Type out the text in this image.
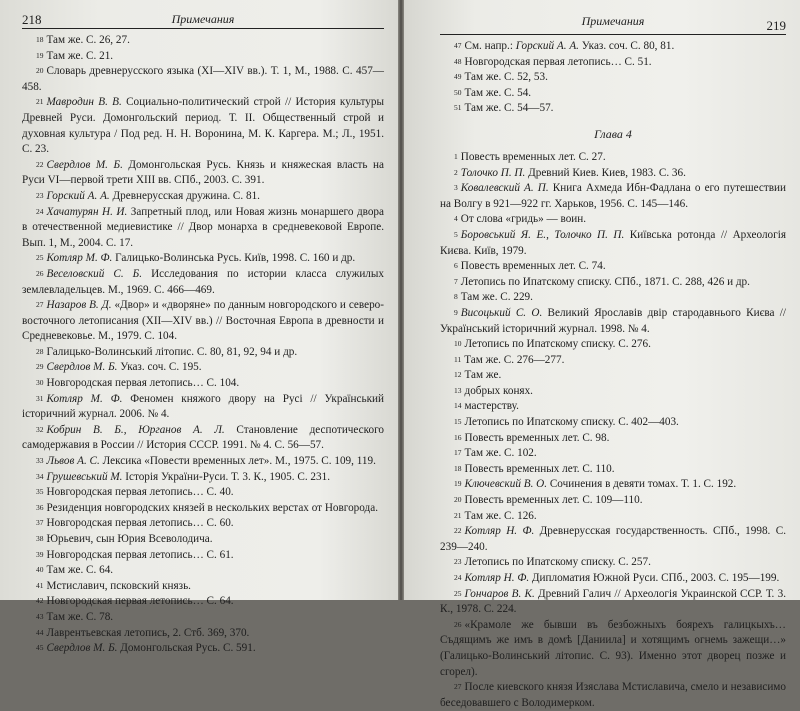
218	Примечания

$^{18}$ Там же. С. 26, 27.

$^{19}$ Там же. С. 21.

$^{20}$ Словарь древнерусского языка (XI—XIV вв.). Т. 1, М., 1988. С. 457—458.

$^{21}$ Мавродин В. В. Социально-политический строй // История культуры Древней Руси. Домонгольский период. Т. II. Общественный строй и духовная культура / Под ред. Н. Н. Воронина, М. К. Каргера. М.; Л., 1951. С. 23.

$^{22}$ Свердлов М. Б. Домонгольская Русь. Князь и княжеская власть на Руси VI—первой трети XIII вв. СПб., 2003. С. 391.

$^{23}$ Горский А. А. Древнерусская дружина. С. 81.

$^{24}$ Хачатурян Н. И. Запретный плод, или Новая жизнь монаршего двора в отечественной медиевистике // Двор монарха в средневековой Европе. Вып. 1, М., 2004. С. 17.

$^{25}$ Котляр М. Ф. Галицько-Волинська Русь. Київ, 1998. С. 160 и др.

$^{26}$ Веселовский С. Б. Исследования по истории класса служилых землевладельцев. М., 1969. С. 466—469.

$^{27}$ Назаров В. Д. «Двор» и «дворяне» по данным новгородского и северо-восточного летописания (XII—XIV вв.) // Восточная Европа в древности и Средневековье. М., 1979. С. 104.

$^{28}$ Галицько-Волинський літопис. С. 80, 81, 92, 94 и др.

$^{29}$ Свердлов М. Б. Указ. соч. С. 195.

$^{30}$ Новгородская первая летопись… С. 104.

$^{31}$ Котляр М. Ф. Феномен княжого двору на Русі // Український історичний журнал. 2006. № 4.

$^{32}$ Кобрин В. Б., Юрганов А. Л. Становление деспотического самодержавия в России // История СССР. 1991. № 4. С. 56—57.

$^{33}$ Львов А. С. Лексика «Повести временных лет». М., 1975. С. 109, 119.

$^{34}$ Грушевський М. Історія України-Руси. Т. 3. К., 1905. С. 231.

$^{35}$ Новгородская первая летопись… С. 40.

$^{36}$ Резиденция новгородских князей в нескольких верстах от Новгорода.

$^{37}$ Новгородская первая летопись… С. 60.

$^{38}$ Юрьевич, сын Юрия Всеволодича.

$^{39}$ Новгородская первая летопись… С. 61.

$^{40}$ Там же. С. 64.

$^{41}$ Мстиславич, псковский князь.

$^{42}$ Новгородская первая летопись… С. 64.

$^{43}$ Там же. С. 78.

$^{44}$ Лаврентьевская летопись, 2. Стб. 369, 370.

$^{45}$ Свердлов М. Б. Домонгольская Русь. С. 591.

Примечания	219

$^{47}$ См. напр.: Горский А. А. Указ. соч. С. 80, 81.

$^{48}$ Новгородская первая летопись… С. 51.

$^{49}$ Там же. С. 52, 53.

$^{50}$ Там же. С. 54.

$^{51}$ Там же. С. 54—57.

Глава 4

$^1$ Повесть временных лет. С. 27.

$^2$ Толочко П. П. Древний Киев. Киев, 1983. С. 36.

$^3$ Ковалевский А. П. Книга Ахмеда Ибн-Фадлана о его путешествии на Волгу в 921—922 гг. Харьков, 1956. С. 145—146.

$^4$ От слова «гридь» — воин.

$^5$ Боровський Я. Е., Толочко П. П. Київська ротонда // Археологія Києва. Київ, 1979.

$^6$ Повесть временных лет. С. 74.

$^7$ Летопись по Ипатскому списку. СПб., 1871. С. 288, 426 и др.

$^8$ Там же. С. 229.

$^9$ Висоцький С. О. Великий Ярославів двір стародавнього Києва // Український історичний журнал. 1998. № 4.

$^{10}$ Летопись по Ипатскому списку. С. 276.

$^{11}$ Там же. С. 276—277.

$^{12}$ Там же.

$^{13}$ добрых конях.

$^{14}$ мастерству.

$^{15}$ Летопись по Ипатскому списку. С. 402—403.

$^{16}$ Повесть временных лет. С. 98.

$^{17}$ Там же. С. 102.

$^{18}$ Повесть временных лет. С. 110.

$^{19}$ Ключевский В. О. Сочинения в девяти томах. Т. 1. С. 192.

$^{20}$ Повесть временных лет. С. 109—110.

$^{21}$ Там же. С. 126.

$^{22}$ Котляр Н. Ф. Древнерусская государственность. СПб., 1998. С. 239—240.

$^{23}$ Летопись по Ипатскому списку. С. 257.

$^{24}$ Котляр Н. Ф. Дипломатия Южной Руси. СПб., 2003. С. 195—199.

$^{25}$ Гончаров В. К. Древний Галич // Археологiя Украинской ССР. Т. 3. К., 1978. С. 224.

$^{26}$ «Крамоле же бывши въ безбожныхъ боярехъ галицкыхъ… Съдящимъ же имъ в домѣ [Даниила] и хотящимъ огнемь зажещи…» (Галицько-Волинський літопис. С. 93). Именно этот дворец позже и сгорел).

$^{27}$ После киевского князя Изяслава Мстиславича, смело и независимо беседовавшего с Володимерком.
